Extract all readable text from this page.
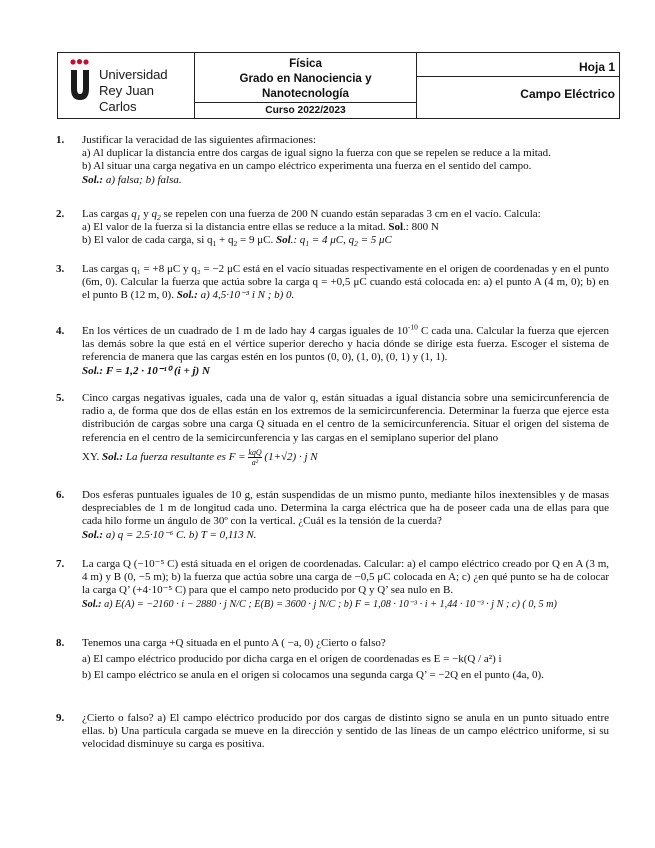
Universidad
Rey Juan Carlos
Física
Grado en Nanociencia y
Nanotecnología
Curso 2022/2023
Hoja 1
Campo Eléctrico
1.	Justificar la veracidad de las siguientes afirmaciones:

a) Al duplicar la distancia entre dos cargas de igual signo la fuerza con que se repelen se reduce a la mitad.

b) Al situar una carga negativa en un campo eléctrico experimenta una fuerza en el sentido del campo.

Sol.: a) falsa; b) falsa.

2.	Las cargas $q_1$ y $q_2$ se repelen con una fuerza de 200 N cuando están separadas 3 cm en el vacío. Calcula:

a) El valor de la fuerza si la distancia entre ellas se reduce a la mitad. Sol.: 800 N

b) El valor de cada carga, si $q_1 + q_2 = 9$ μC. Sol.: $q_1 = 4$ μC, $q_2 = 5$ μC

3.	Las cargas q₁ = +8 μC y q₂ = −2 μC está en el vacío situadas respectivamente en el origen de coordenadas y en el punto (6m, 0). Calcular la fuerza que actúa sobre la carga q = +0,5 μC cuando está colocada en: a) el punto A (4 m, 0); b) en el punto B (12 m, 0). Sol.: a) 4,5·10⁻³ i N ; b) 0.
4.	En los vértices de un cuadrado de 1 m de lado hay 4 cargas iguales de $10^{-10}$ C cada una. Calcular la fuerza que ejercen las demás sobre la que está en el vértice superior derecho y hacia dónde se dirige esta fuerza. Escoger el sistema de referencia de manera que las cargas estén en los puntos (0, 0), (1, 0), (0, 1) y (1, 1).
Sol.: F = 1,2 · 10⁻¹⁰ (i + j) N
5.	Cinco cargas negativas iguales, cada una de valor q, están situadas a igual distancia sobre una semicircunferencia de radio a, de forma que dos de ellas están en los extremos de la semicircunferencia. Determinar la fuerza que ejerce esta distribución de cargas sobre una carga Q situada en el centro de la semicircunferencia. Situar el origen del sistema de referencia en el centro de la semicircunferencia y las cargas en el semiplano superior del plano
XY. Sol.: La fuerza resultante es F = kqQ
a² (1+√2) · j N
6.	Dos esferas puntuales iguales de 10 g, están suspendidas de un mismo punto, mediante hilos inextensibles y de masas despreciables de 1 m de longitud cada uno. Determina la carga eléctrica que ha de poseer cada una de ellas para que cada hilo forme un ángulo de 30º con la vertical. ¿Cuál es la tensión de la cuerda?
Sol.: a) q = 2.5·10⁻⁶ C. b) T = 0,113 N.
7.	La carga Q (−10⁻⁵ C) está situada en el origen de coordenadas. Calcular: a) el campo eléctrico creado por Q en A (3 m, 4 m) y B (0, −5 m); b) la fuerza que actúa sobre una carga de −0,5 μC colocada en A; c) ¿en qué punto se ha de colocar la carga Q’ (+4·10⁻⁵ C) para que el campo neto producido por Q y Q’ sea nulo en B.
Sol.: a) E(A) = −2160 · i − 2880 · j N/C ; E(B) = 3600 · j N/C ; b) F = 1,08 · 10⁻³ · i + 1,44 · 10⁻³ · j N ; c) ( 0, 5 m)
8.	Tenemos una carga +Q situada en el punto A ( −a, 0) ¿Cierto o falso?

a) El campo eléctrico producido por dicha carga en el origen de coordenadas es E = −k(Q / a²) i

b) El campo eléctrico se anula en el origen si colocamos una segunda carga Q’ = −2Q en el punto (4a, 0).

9.	¿Cierto o falso? a) El campo eléctrico producido por dos cargas de distinto signo se anula en un punto situado entre ellas. b) Una partícula cargada se mueve en la dirección y sentido de las líneas de un campo eléctrico uniforme, si su velocidad disminuye su carga es positiva.
